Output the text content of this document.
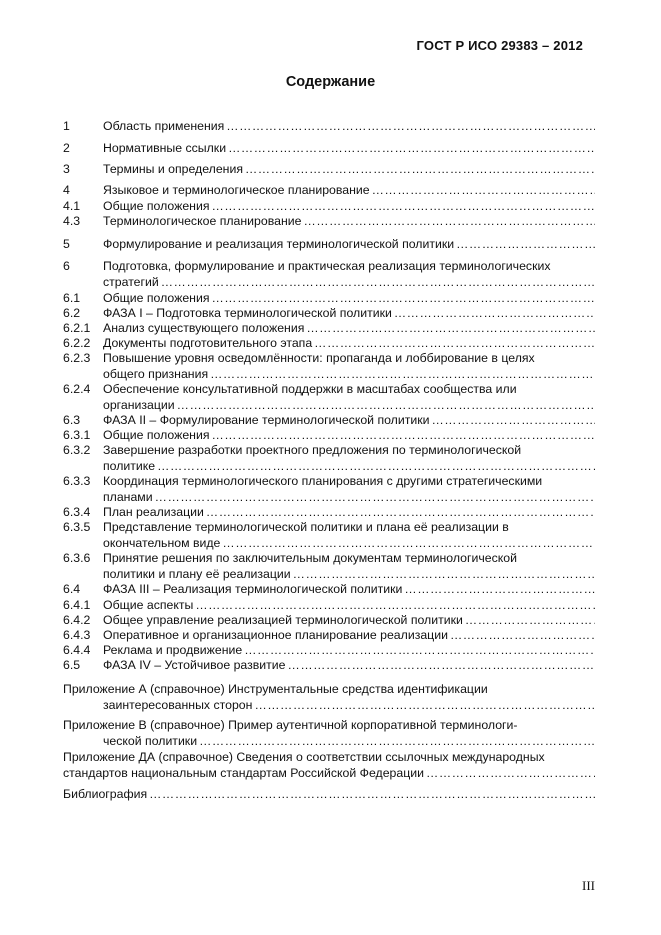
ГОСТ Р ИСО 29383 – 2012
Содержание
1	Область применения
……………………………………………………………………………………………………………………………………………………………………………………………………
2	Нормативные ссылки
……………………………………………………………………………………………………………………………………………………………………………………………………
3	Термины и определения
……………………………………………………………………………………………………………………………………………………………………………………………………
4	Языковое и терминологическое планирование
……………………………………………………………………………………………………………………………………………………………………………………………………
4.1	Общие положения
……………………………………………………………………………………………………………………………………………………………………………………………………
4.3	Терминологическое планирование
……………………………………………………………………………………………………………………………………………………………………………………………………
5	Формулирование и реализация терминологической политики
……………………………………………………………………………………………………………………………………………………………………………………………………
6	Подготовка, формулирование и практическая реализация терминологических
стратегий
……………………………………………………………………………………………………………………………………………………………………………………………………
6.1	Общие положения
……………………………………………………………………………………………………………………………………………………………………………………………………
6.2	ФАЗА I – Подготовка терминологической политики
……………………………………………………………………………………………………………………………………………………………………………………………………
6.2.1	Анализ существующего положения
……………………………………………………………………………………………………………………………………………………………………………………………………
6.2.2	Документы подготовительного этапа
……………………………………………………………………………………………………………………………………………………………………………………………………
6.2.3	Повышение уровня осведомлённости: пропаганда и лоббирование в целях
общего признания
……………………………………………………………………………………………………………………………………………………………………………………………………
6.2.4	Обеспечение консультативной поддержки в масштабах сообщества или
организации
……………………………………………………………………………………………………………………………………………………………………………………………………
6.3	ФАЗА II – Формулирование терминологической политики
……………………………………………………………………………………………………………………………………………………………………………………………………
6.3.1	Общие положения
……………………………………………………………………………………………………………………………………………………………………………………………………
6.3.2	Завершение разработки проектного предложения по терминологической
политике
……………………………………………………………………………………………………………………………………………………………………………………………………
6.3.3	Координация терминологического планирования с другими стратегическими
планами
……………………………………………………………………………………………………………………………………………………………………………………………………
6.3.4	План реализации
……………………………………………………………………………………………………………………………………………………………………………………………………
6.3.5	Представление терминологической политики и плана её реализации в
окончательном виде
……………………………………………………………………………………………………………………………………………………………………………………………………
6.3.6	Принятие решения по заключительным документам терминологической
политики и плану её реализации
……………………………………………………………………………………………………………………………………………………………………………………………………
6.4	ФАЗА III – Реализация терминологической политики
……………………………………………………………………………………………………………………………………………………………………………………………………
6.4.1	Общие аспекты
……………………………………………………………………………………………………………………………………………………………………………………………………
6.4.2	Общее управление реализацией терминологической политики
……………………………………………………………………………………………………………………………………………………………………………………………………
6.4.3	Оперативное и организационное планирование реализации
……………………………………………………………………………………………………………………………………………………………………………………………………
6.4.4	Реклама и продвижение
……………………………………………………………………………………………………………………………………………………………………………………………………
6.5	ФАЗА IV – Устойчивое развитие
……………………………………………………………………………………………………………………………………………………………………………………………………
Приложение А (справочное) Инструментальные средства идентификации
заинтересованных сторон
……………………………………………………………………………………………………………………………………………………………………………………………………
Приложение В (справочное) Пример аутентичной корпоративной терминологи-
ческой политики
……………………………………………………………………………………………………………………………………………………………………………………………………
Приложение ДА (справочное) Сведения о соответствии ссылочных международных
стандартов национальным стандартам Российской Федерации
……………………………………………………………………………………………………………………………………………………………………………………………………
Библиография
……………………………………………………………………………………………………………………………………………………………………………………………………
III
